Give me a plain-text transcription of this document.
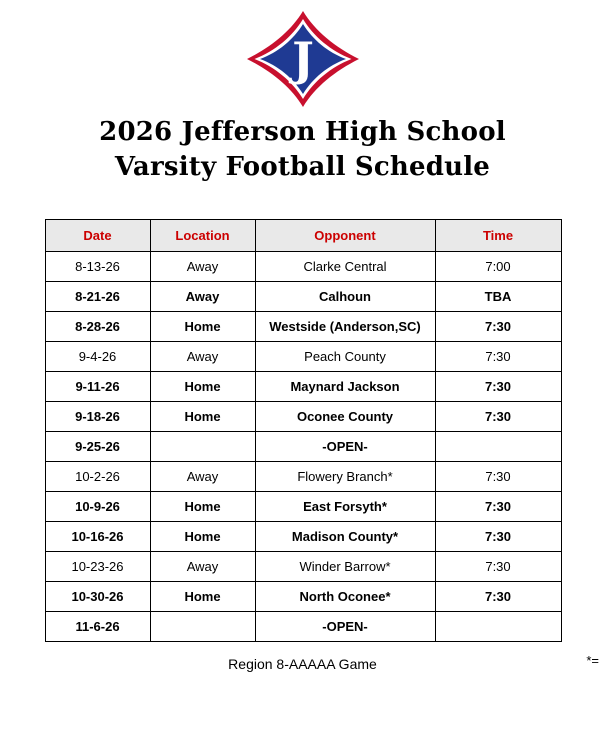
J
2026 Jefferson High School
Varsity Football Schedule
Date	Location	Opponent	Time
8-13-26	Away	Clarke Central	7:00
8-21-26	Away	Calhoun	TBA
8-28-26	Home	Westside (Anderson,SC)	7:30
9-4-26	Away	Peach County	7:30
9-11-26	Home	Maynard Jackson	7:30
9-18-26	Home	Oconee County	7:30
9-25-26		-OPEN-	
10-2-26	Away	Flowery Branch*	7:30
10-9-26	Home	East Forsyth*	7:30
10-16-26	Home	Madison County*	7:30
10-23-26	Away	Winder Barrow*	7:30
10-30-26	Home	North Oconee*	7:30
11-6-26		-OPEN-	
*=
Region 8-AAAAA Game
